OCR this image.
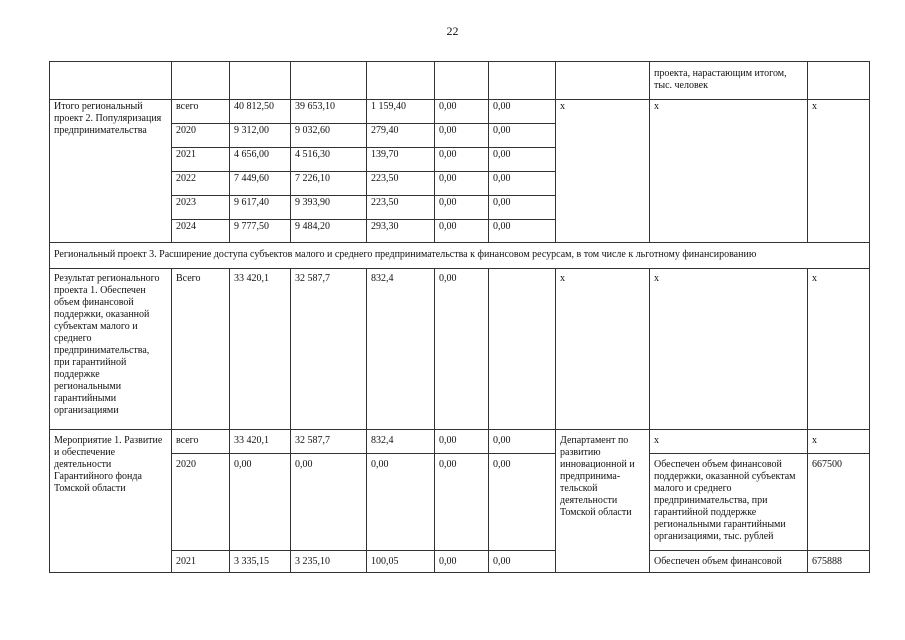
22
								проекта, нарастающим итогом, тыс. человек	
Итого региональный проект 2. Популяризация предпринимательства	всего	40 812,50	39 653,10	1 159,40	0,00	0,00	x	x	x
	2020	9 312,00	9 032,60	279,40	0,00	0,00			
	2021	4 656,00	4 516,30	139,70	0,00	0,00			
	2022	7 449,60	7 226,10	223,50	0,00	0,00			
	2023	9 617,40	9 393,90	223,50	0,00	0,00			
	2024	9 777,50	9 484,20	293,30	0,00	0,00			
Региональный проект 3. Расширение доступа субъектов малого и среднего предпринимательства к финансовом ресурсам, в том числе к льготному финансированию									
Результат регионального проекта 1. Обеспечен объем финансовой поддержки, оказанной субъектам малого и среднего предпринимательства, при гарантийной поддержке региональными гарантийными организациями	Всего	33 420,1	32 587,7	832,4	0,00		x	x	x
Мероприятие 1. Развитие и обеспечение деятельности Гарантийного фонда Томской области	всего	33 420,1	32 587,7	832,4	0,00	0,00	Департамент по развитию инновационной и предпринима-тельской деятельности Томской области	x	x
	2020	0,00	0,00	0,00	0,00	0,00		Обеспечен объем финансовой поддержки, оказанной субъектам малого и среднего предпринимательства, при гарантийной поддержке региональными гарантийными организациями, тыс. рублей	667500
	2021	3 335,15	3 235,10	100,05	0,00	0,00		Обеспечен объем финансовой	675888
